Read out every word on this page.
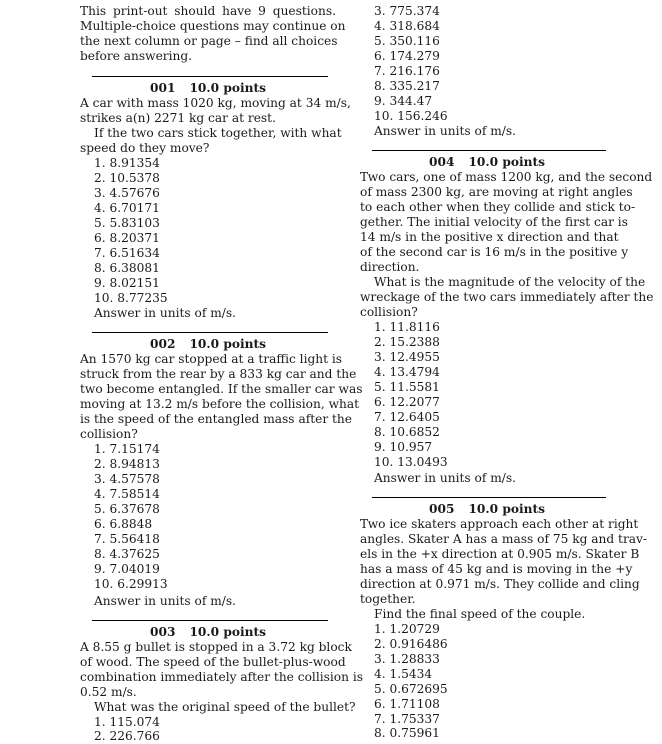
This print-out should have 9 questions.
Multiple-choice questions may continue on
the next column or page – find all choices
before answering.
001 10.0 points
A car with mass 1020 kg, moving at 34 m/s,
strikes a(n) 2271 kg car at rest.
If the two cars stick together, with what
speed do they move?
1. 8.91354
2. 10.5378
3. 4.57676
4. 6.70171
5. 5.83103
6. 8.20371
7. 6.51634
8. 6.38081
9. 8.02151
10. 8.77235
Answer in units of m/s.
002 10.0 points
An 1570 kg car stopped at a traffic light is
struck from the rear by a 833 kg car and the
two become entangled. If the smaller car was
moving at 13.2 m/s before the collision, what
is the speed of the entangled mass after the
collision?
1. 7.15174
2. 8.94813
3. 4.57578
4. 7.58514
5. 6.37678
6. 6.8848
7. 5.56418
8. 4.37625
9. 7.04019
10. 6.29913
Answer in units of m/s.
003 10.0 points
A 8.55 g bullet is stopped in a 3.72 kg block
of wood. The speed of the bullet-plus-wood
combination immediately after the collision is
0.52 m/s.
What was the original speed of the bullet?
1. 115.074
2. 226.766
3. 775.374
4. 318.684
5. 350.116
6. 174.279
7. 216.176
8. 335.217
9. 344.47
10. 156.246
Answer in units of m/s.
004 10.0 points
Two cars, one of mass 1200 kg, and the second
of mass 2300 kg, are moving at right angles
to each other when they collide and stick to-
gether. The initial velocity of the first car is
14 m/s in the positive x direction and that
of the second car is 16 m/s in the positive y
direction.
What is the magnitude of the velocity of the
wreckage of the two cars immediately after the
collision?
1. 11.8116
2. 15.2388
3. 12.4955
4. 13.4794
5. 11.5581
6. 12.2077
7. 12.6405
8. 10.6852
9. 10.957
10. 13.0493
Answer in units of m/s.
005 10.0 points
Two ice skaters approach each other at right
angles. Skater A has a mass of 75 kg and trav-
els in the +x direction at 0.905 m/s. Skater B
has a mass of 45 kg and is moving in the +y
direction at 0.971 m/s. They collide and cling
together.
Find the final speed of the couple.
1. 1.20729
2. 0.916486
3. 1.28833
4. 1.5434
5. 0.672695
6. 1.71108
7. 1.75337
8. 0.75961
